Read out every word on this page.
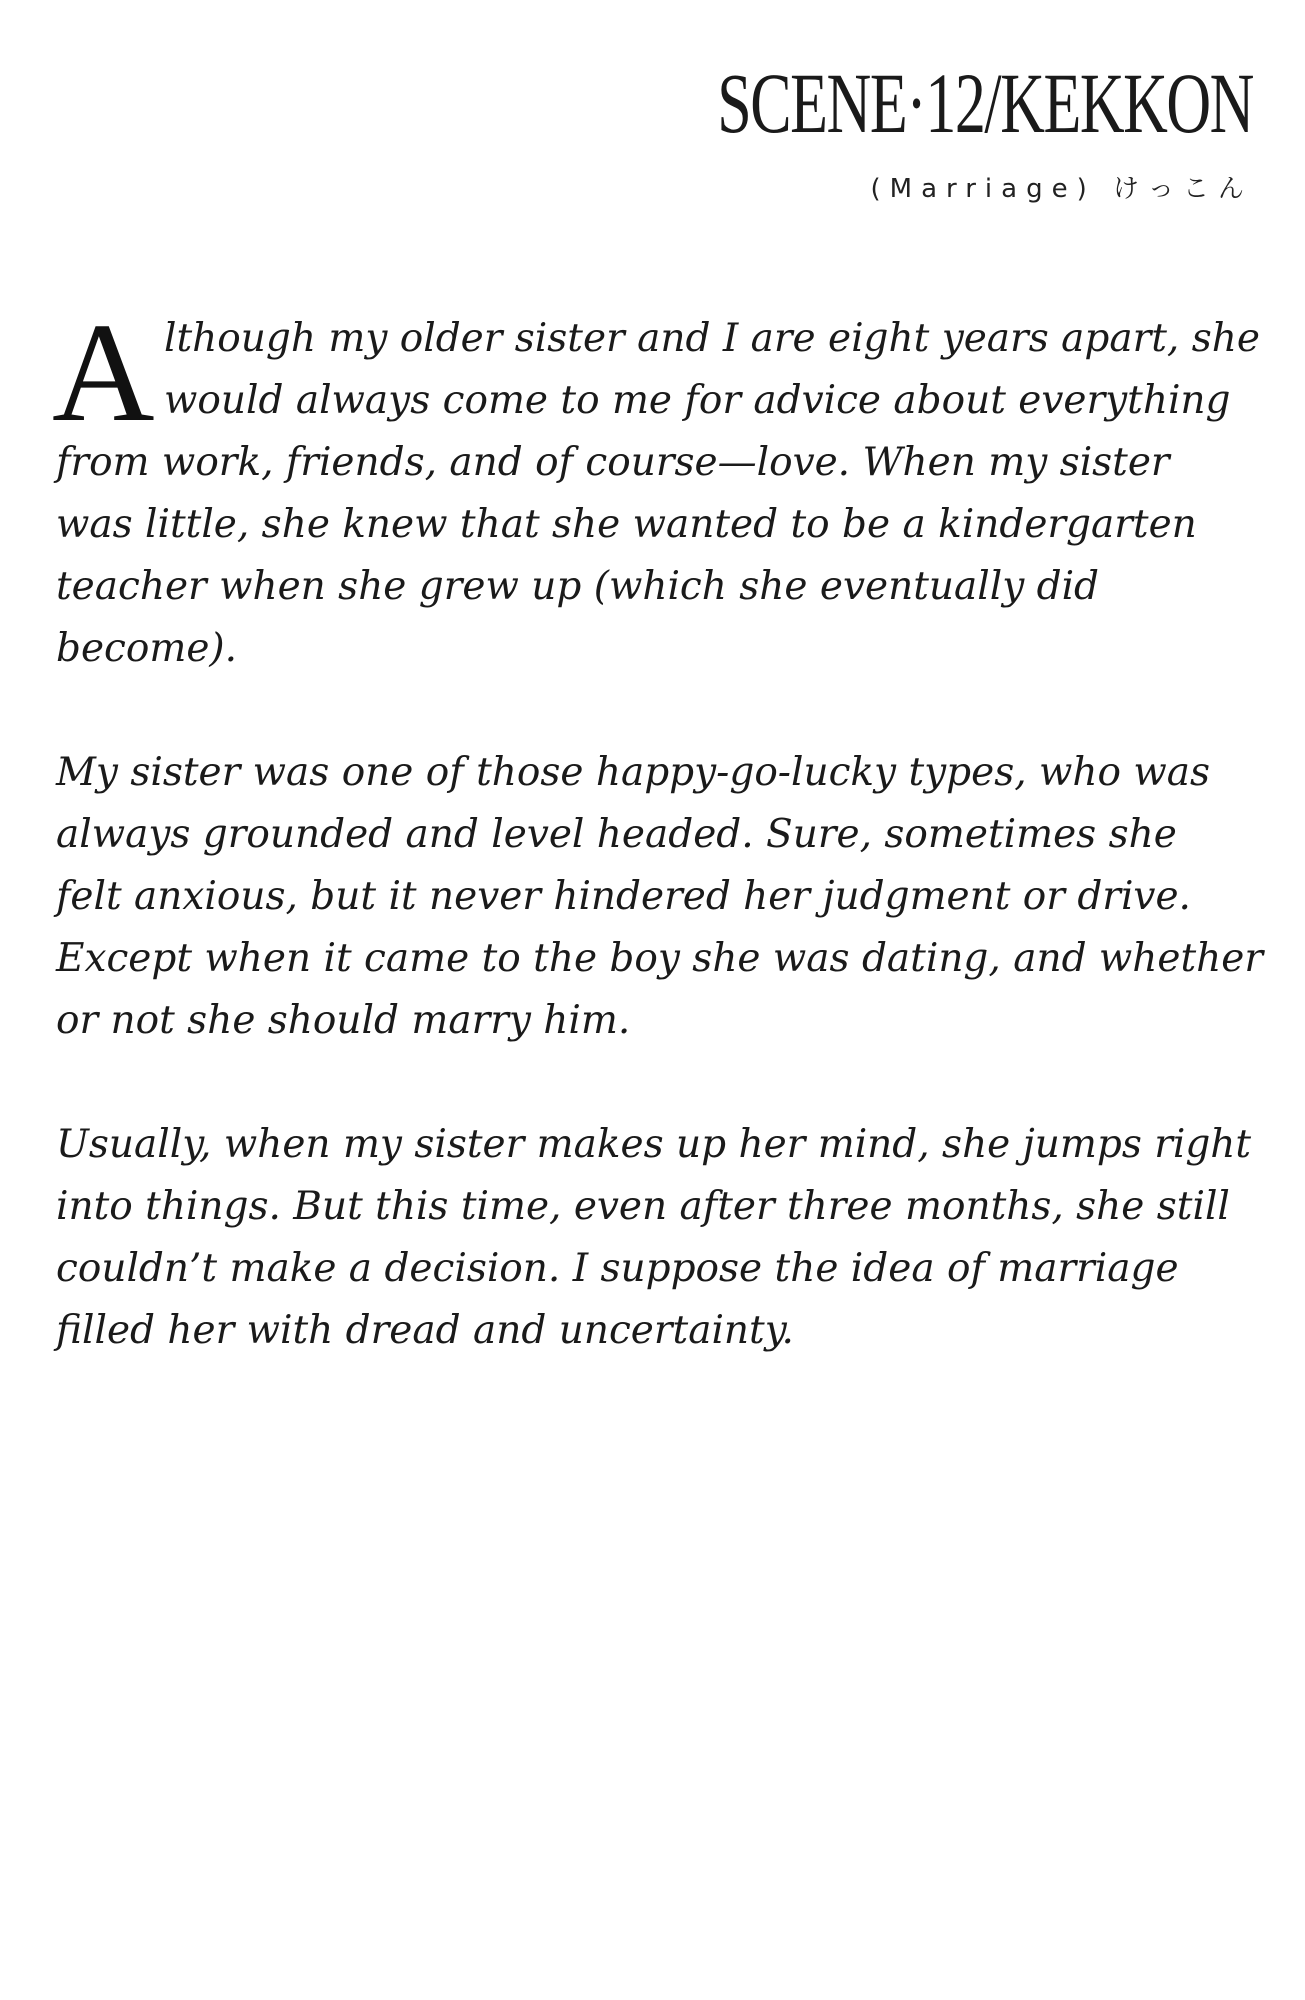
SCENE·12/KEKKON
(Marriage) けっこん
A lthough my older sister and I are eight years apart, she
would always come to me for advice about everything
from work, friends, and of course—love. When my sister
was little, she knew that she wanted to be a kindergarten
teacher when she grew up (which she eventually did
become).
My sister was one of those happy-go-lucky types, who was
always grounded and level headed. Sure, sometimes she
felt anxious, but it never hindered her judgment or drive.
Except when it came to the boy she was dating, and whether
or not she should marry him.
Usually, when my sister makes up her mind, she jumps right
into things. But this time, even after three months, she still
couldn’t make a decision. I suppose the idea of marriage
filled her with dread and uncertainty.
